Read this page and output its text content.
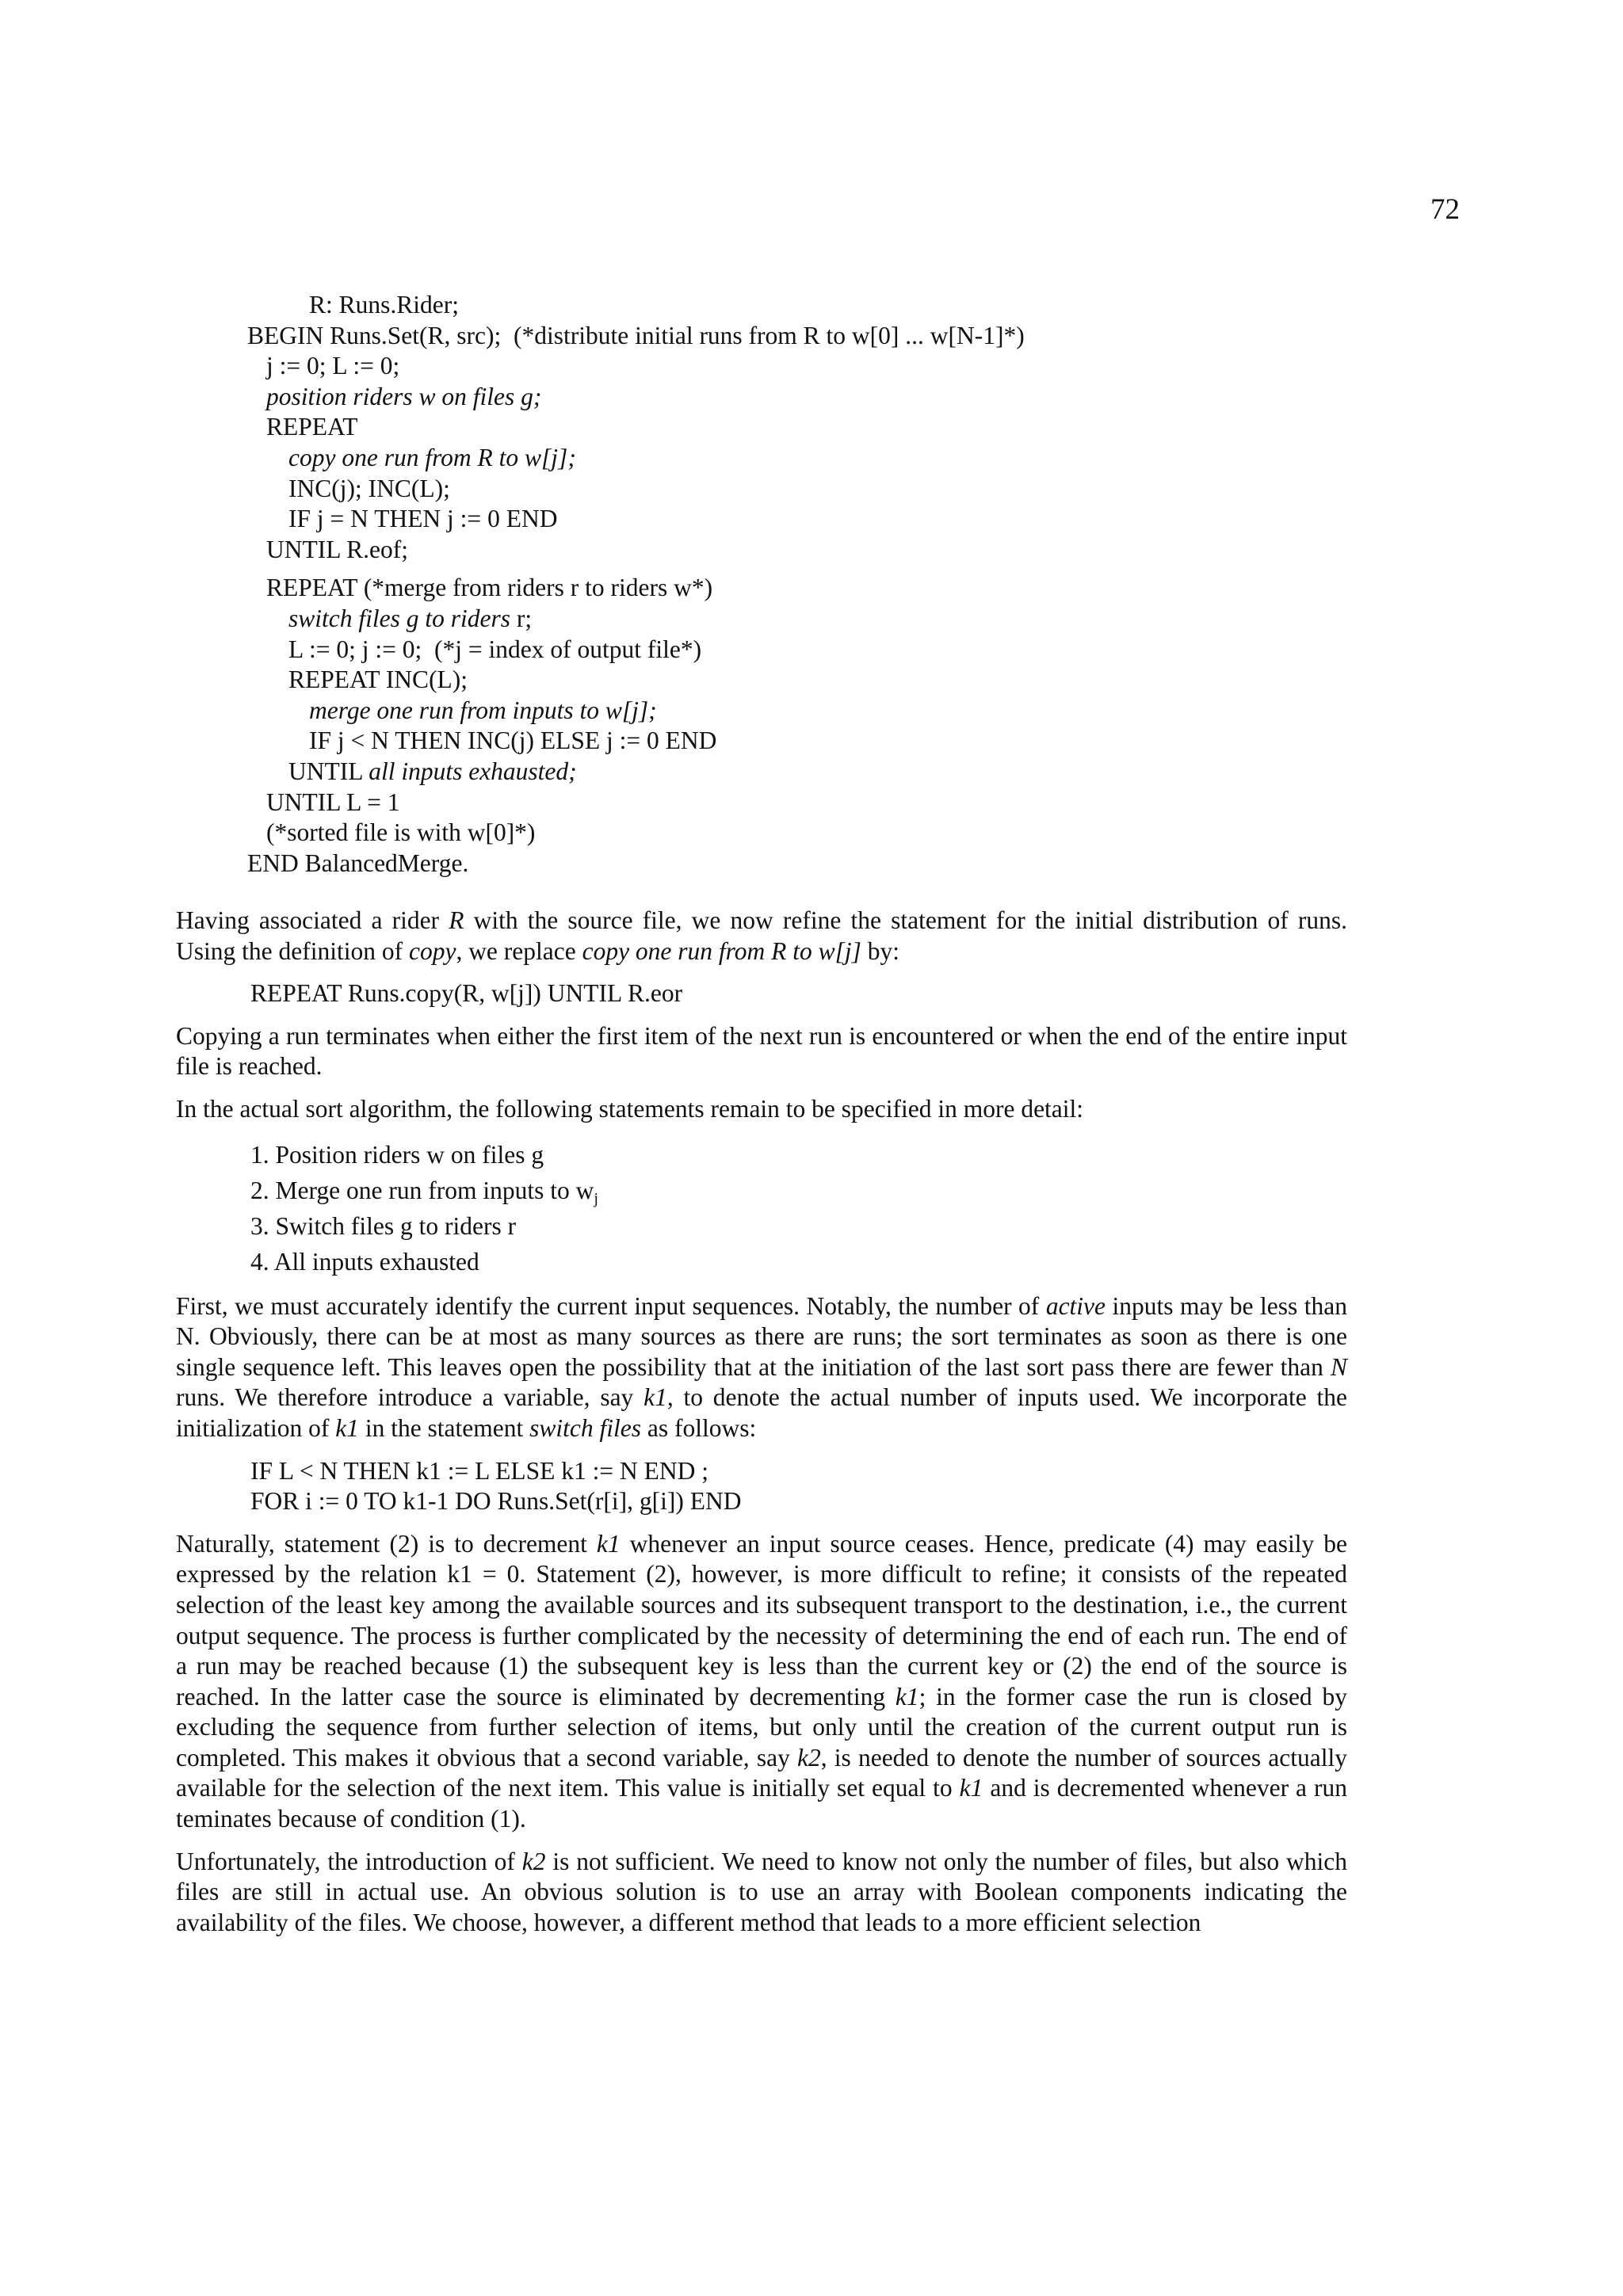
72
R: Runs.Rider;
BEGIN Runs.Set(R, src);  (*distribute initial runs from R to w[0] ... w[N-1]*)
j := 0; L := 0;
position riders w on files g;
REPEAT
copy one run from R to w[j];
INC(j); INC(L);
IF j = N THEN j := 0 END
UNTIL R.eof;
REPEAT (*merge from riders r to riders w*)
switch files g to riders r;
L := 0; j := 0;  (*j = index of output file*)
REPEAT INC(L);
merge one run from inputs to w[j];
IF j < N THEN INC(j) ELSE j := 0 END
UNTIL all inputs exhausted;
UNTIL L = 1
(*sorted file is with w[0]*)
END BalancedMerge.

Having associated a rider R with the source file, we now refine the statement for the initial distribution of runs. Using the definition of copy, we replace copy one run from R to w[j] by:

REPEAT Runs.copy(R, w[j]) UNTIL R.eor

Copying a run terminates when either the first item of the next run is encountered or when the end of the entire input file is reached.

In the actual sort algorithm, the following statements remain to be specified in more detail:

1. Position riders w on files g
2. Merge one run from inputs to $w_j$
3. Switch files g to riders r
4. All inputs exhausted

First, we must accurately identify the current input sequences. Notably, the number of active inputs may be less than N. Obviously, there can be at most as many sources as there are runs; the sort terminates as soon as there is one single sequence left. This leaves open the possibility that at the initiation of the last sort pass there are fewer than N runs. We therefore introduce a variable, say k1, to denote the actual number of inputs used. We incorporate the initialization of k1 in the statement switch files as follows:

IF L < N THEN k1 := L ELSE k1 := N END ;
FOR i := 0 TO k1-1 DO Runs.Set(r[i], g[i]) END

Naturally, statement (2) is to decrement k1 whenever an input source ceases. Hence, predicate (4) may easily be expressed by the relation k1 = 0. Statement (2), however, is more difficult to refine; it consists of the repeated selection of the least key among the available sources and its subsequent transport to the destination, i.e., the current output sequence. The process is further complicated by the necessity of determining the end of each run. The end of a run may be reached because (1) the subsequent key is less than the current key or (2) the end of the source is reached. In the latter case the source is eliminated by decrementing k1; in the former case the run is closed by excluding the sequence from further selection of items, but only until the creation of the current output run is completed. This makes it obvious that a second variable, say k2, is needed to denote the number of sources actually available for the selection of the next item. This value is initially set equal to k1 and is decremented whenever a run teminates because of condition (1).

Unfortunately, the introduction of k2 is not sufficient. We need to know not only the number of files, but also which files are still in actual use. An obvious solution is to use an array with Boolean components indicating the availability of the files. We choose, however, a different method that leads to a more efficient selection
